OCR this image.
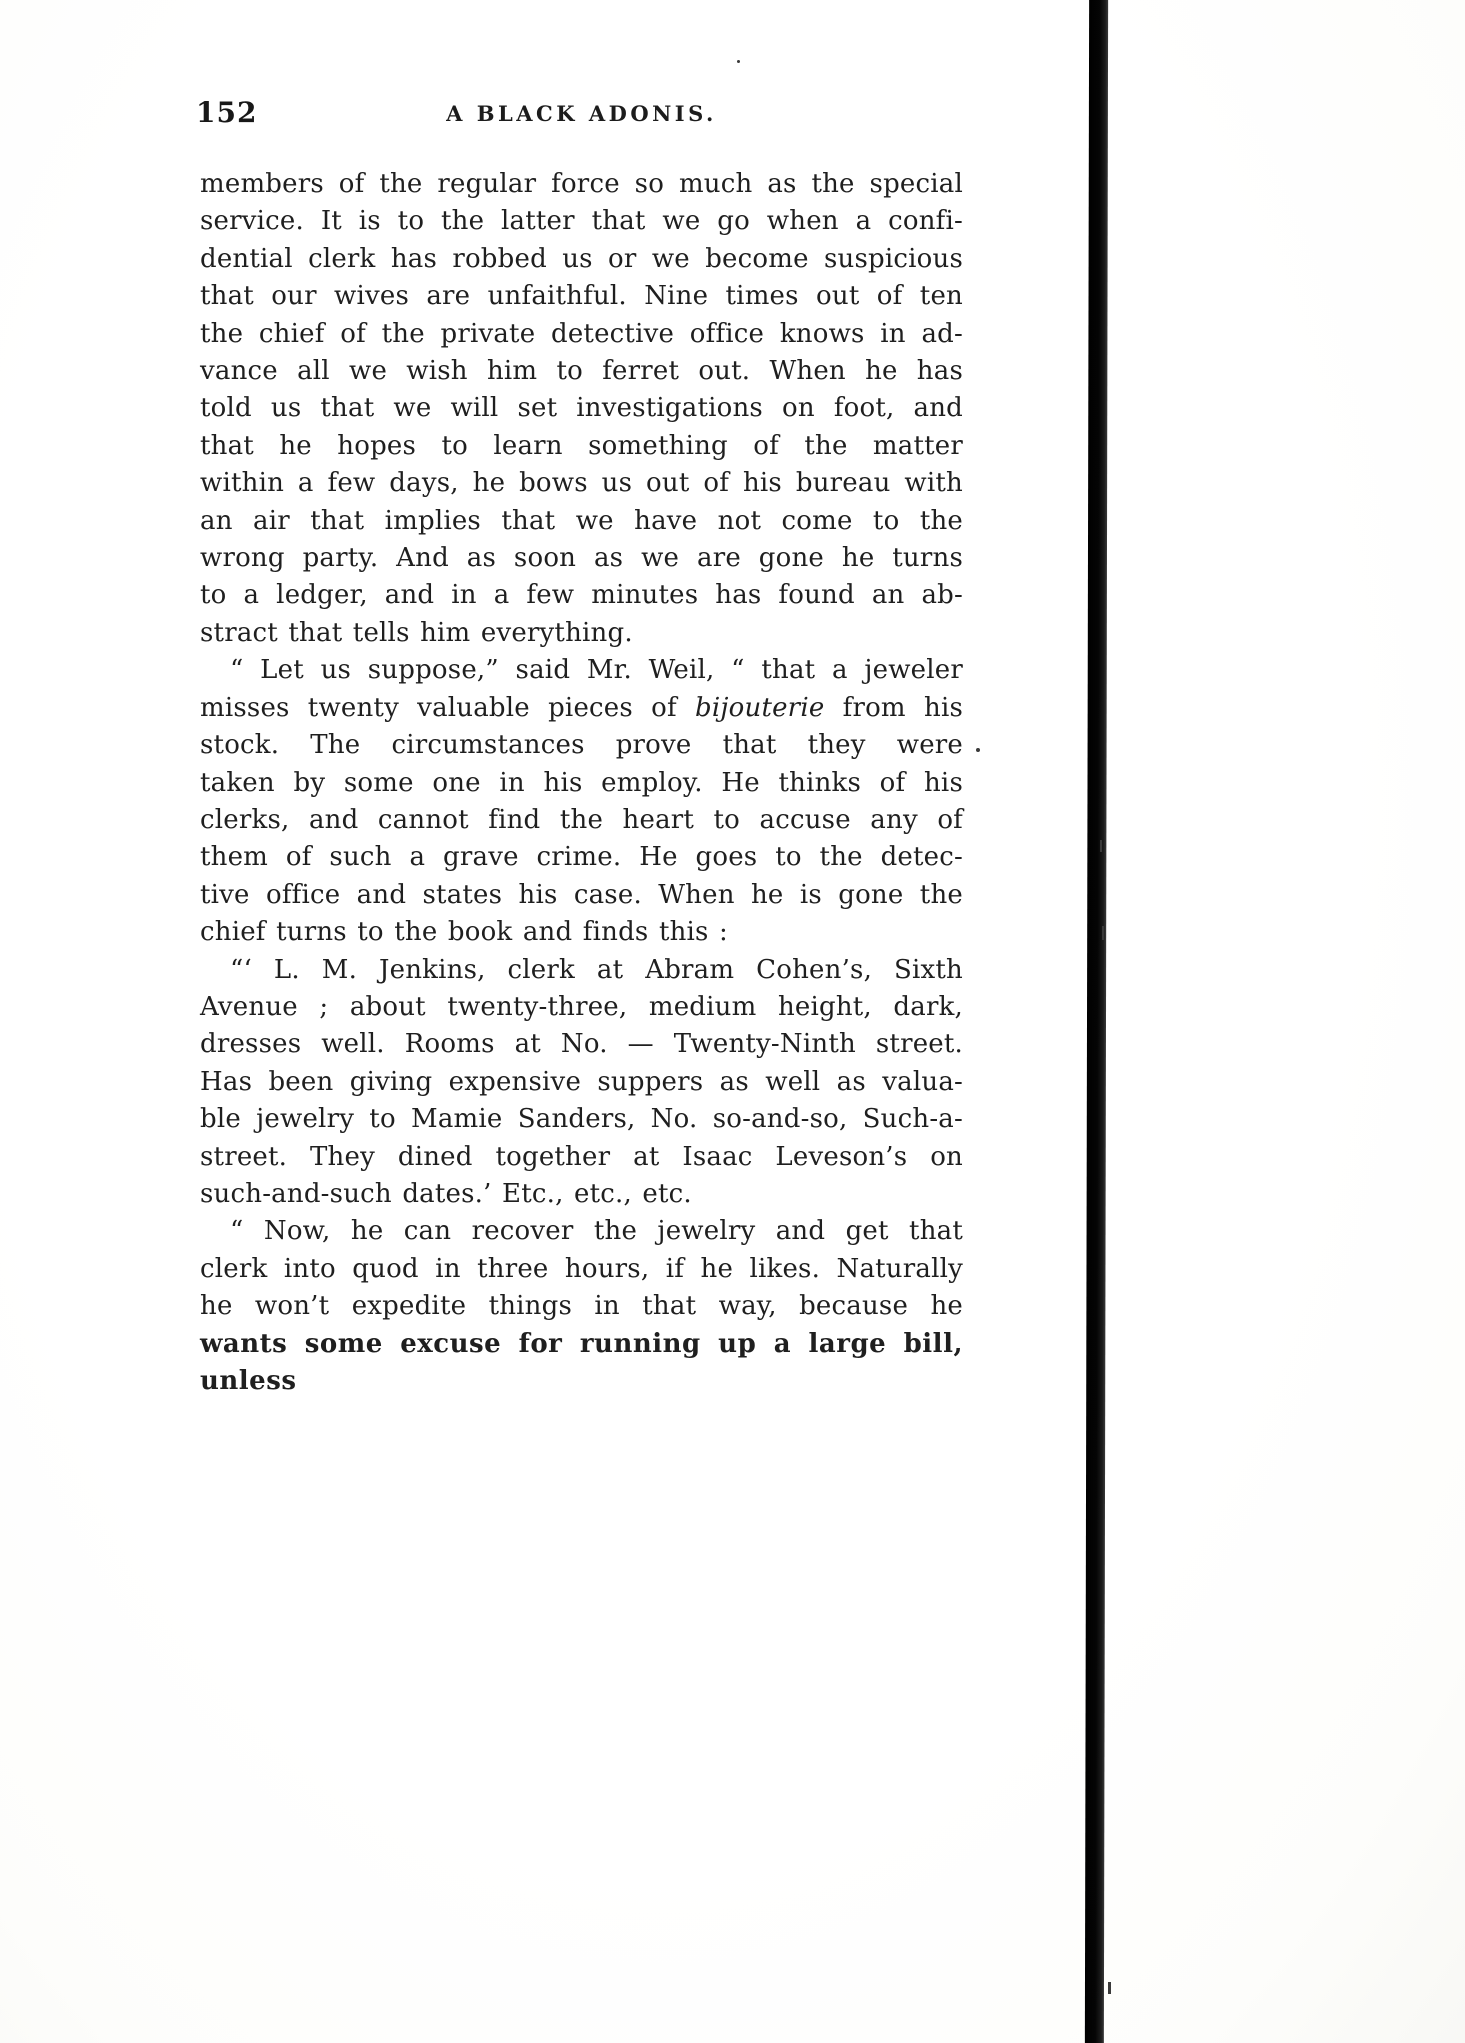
152	A BLACK ADONIS.
members of the regular force so much as the special
service. It is to the latter that we go when a confi-
dential clerk has robbed us or we become suspicious
that our wives are unfaithful. Nine times out of ten
the chief of the private detective office knows in ad-
vance all we wish him to ferret out. When he has
told us that we will set investigations on foot, and
that he hopes to learn something of the matter
within a few days, he bows us out of his bureau with
an air that implies that we have not come to the
wrong party. And as soon as we are gone he turns
to a ledger, and in a few minutes has found an ab-
stract that tells him everything.
“ Let us suppose,” said Mr. Weil, “ that a jeweler
misses twenty valuable pieces of bijouterie from his
stock. The circumstances prove that they were
taken by some one in his employ. He thinks of his
clerks, and cannot find the heart to accuse any of
them of such a grave crime. He goes to the detec-
tive office and states his case. When he is gone the
chief turns to the book and finds this :
“‘ L. M. Jenkins, clerk at Abram Cohen’s, Sixth
Avenue ; about twenty-three, medium height, dark,
dresses well. Rooms at No. — Twenty-Ninth street.
Has been giving expensive suppers as well as valua-
ble jewelry to Mamie Sanders, No. so-and-so, Such-a-
street. They dined together at Isaac Leveson’s on
such-and-such dates.’ Etc., etc., etc.
“ Now, he can recover the jewelry and get that
clerk into quod in three hours, if he likes. Naturally
he won’t expedite things in that way, because he
wants some excuse for running up a large bill, unless
